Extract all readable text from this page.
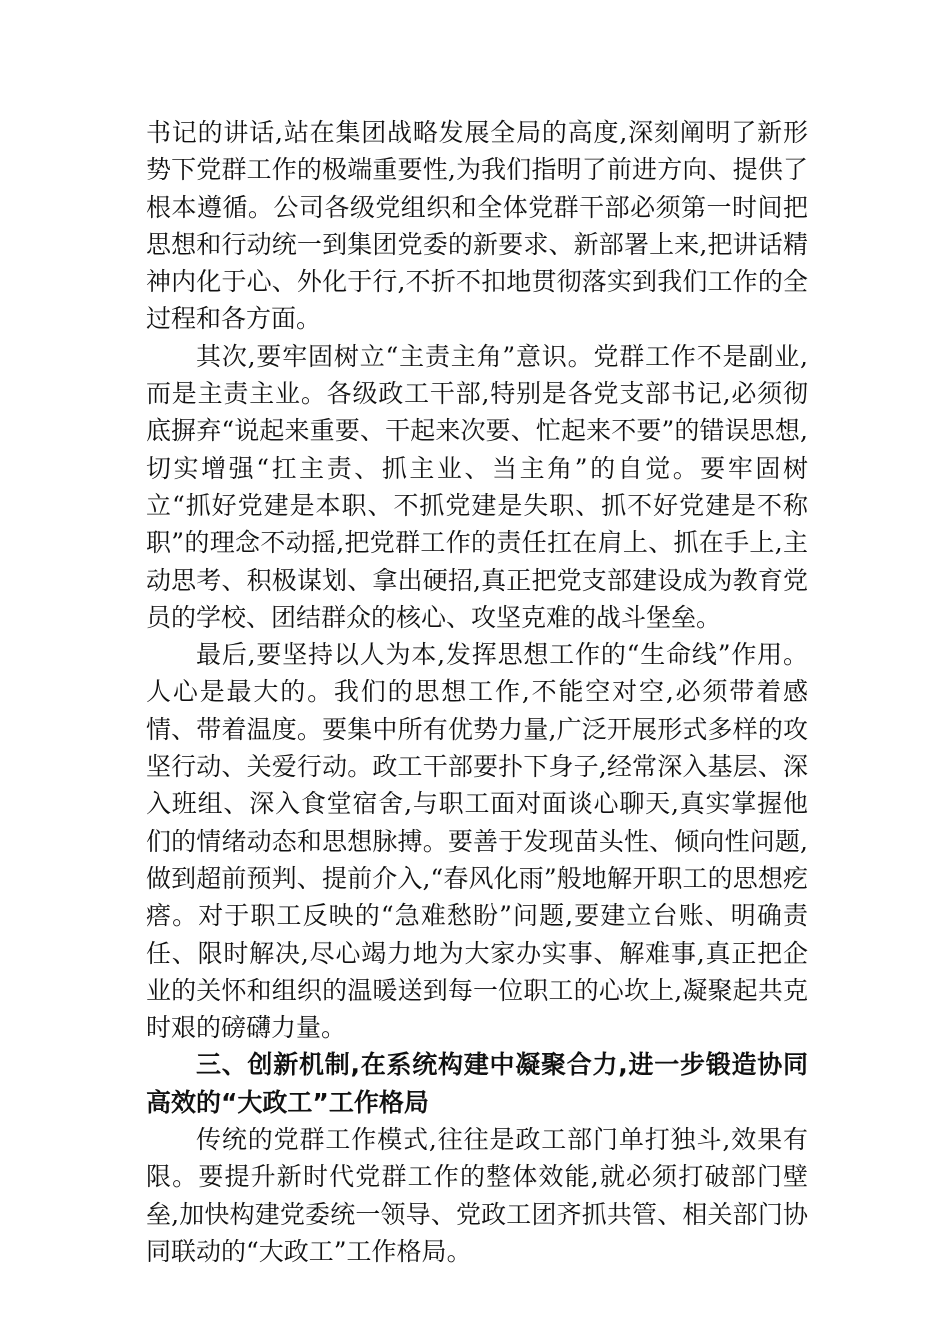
书记的讲话,站在集团战略发展全局的高度,深刻阐明了新形势下党群工作的极端重要性,为我们指明了前进方向、提供了根本遵循。公司各级党组织和全体党群干部必须第一时间把思想和行动统一到集团党委的新要求、新部署上来,把讲话精神内化于心、外化于行,不折不扣地贯彻落实到我们工作的全过程和各方面。

其次,要牢固树立“主责主角”意识。党群工作不是副业,而是主责主业。各级政工干部,特别是各党支部书记,必须彻底摒弃“说起来重要、干起来次要、忙起来不要”的错误思想,切实增强“扛主责、抓主业、当主角”的自觉。要牢固树立“抓好党建是本职、不抓党建是失职、抓不好党建是不称职”的理念不动摇,把党群工作的责任扛在肩上、抓在手上,主动思考、积极谋划、拿出硬招,真正把党支部建设成为教育党员的学校、团结群众的核心、攻坚克难的战斗堡垒。

最后,要坚持以人为本,发挥思想工作的“生命线”作用。人心是最大的。我们的思想工作,不能空对空,必须带着感情、带着温度。要集中所有优势力量,广泛开展形式多样的攻坚行动、关爱行动。政工干部要扑下身子,经常深入基层、深入班组、深入食堂宿舍,与职工面对面谈心聊天,真实掌握他们的情绪动态和思想脉搏。要善于发现苗头性、倾向性问题,做到超前预判、提前介入,“春风化雨”般地解开职工的思想疙瘩。对于职工反映的“急难愁盼”问题,要建立台账、明确责任、限时解决,尽心竭力地为大家办实事、解难事,真正把企业的关怀和组织的温暖送到每一位职工的心坎上,凝聚起共克时艰的磅礴力量。

三、创新机制,在系统构建中凝聚合力,进一步锻造协同高效的“大政工”工作格局

传统的党群工作模式,往往是政工部门单打独斗,效果有限。要提升新时代党群工作的整体效能,就必须打破部门壁垒,加快构建党委统一领导、党政工团齐抓共管、相关部门协同联动的“大政工”工作格局。
